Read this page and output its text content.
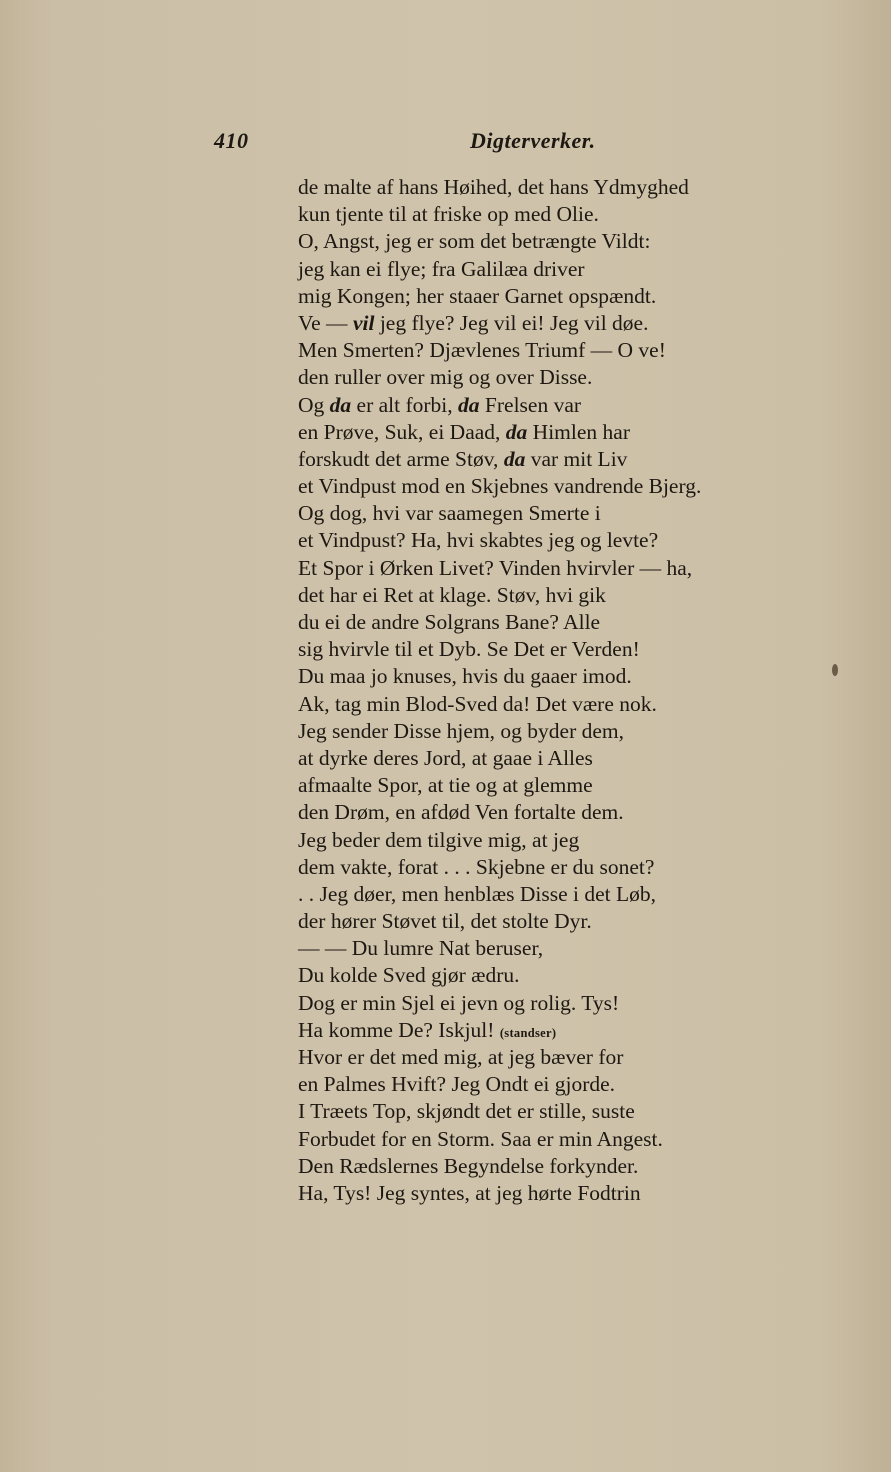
410	Digterverker.
de malte af hans Høihed, det hans Ydmyghed
kun tjente til at friske op med Olie.
O, Angst, jeg er som det betrængte Vildt:
jeg kan ei flye; fra Galilæa driver
mig Kongen; her staaer Garnet opspændt.
Ve — vil jeg flye? Jeg vil ei! Jeg vil døe.
Men Smerten? Djævlenes Triumf — O ve!
den ruller over mig og over Disse.
Og da er alt forbi, da Frelsen var
en Prøve, Suk, ei Daad, da Himlen har
forskudt det arme Støv, da var mit Liv
et Vindpust mod en Skjebnes vandrende Bjerg.
Og dog, hvi var saamegen Smerte i
et Vindpust? Ha, hvi skabtes jeg og levte?
Et Spor i Ørken Livet? Vinden hvirvler — ha,
det har ei Ret at klage. Støv, hvi gik
du ei de andre Solgrans Bane? Alle
sig hvirvle til et Dyb. Se Det er Verden!
Du maa jo knuses, hvis du gaaer imod.
Ak, tag min Blod-Sved da! Det være nok.
Jeg sender Disse hjem, og byder dem,
at dyrke deres Jord, at gaae i Alles
afmaalte Spor, at tie og at glemme
den Drøm, en afdød Ven fortalte dem.
Jeg beder dem tilgive mig, at jeg
dem vakte, forat . . . Skjebne er du sonet?
. . Jeg døer, men henblæs Disse i det Løb,
der hører Støvet til, det stolte Dyr.
— — Du lumre Nat beruser,
Du kolde Sved gjør ædru.
Dog er min Sjel ei jevn og rolig. Tys!
Ha komme De? Iskjul! (standser)
Hvor er det med mig, at jeg bæver for
en Palmes Hvift? Jeg Ondt ei gjorde.
I Træets Top, skjøndt det er stille, suste
Forbudet for en Storm. Saa er min Angest.
Den Rædslernes Begyndelse forkynder.
Ha, Tys! Jeg syntes, at jeg hørte Fodtrin
